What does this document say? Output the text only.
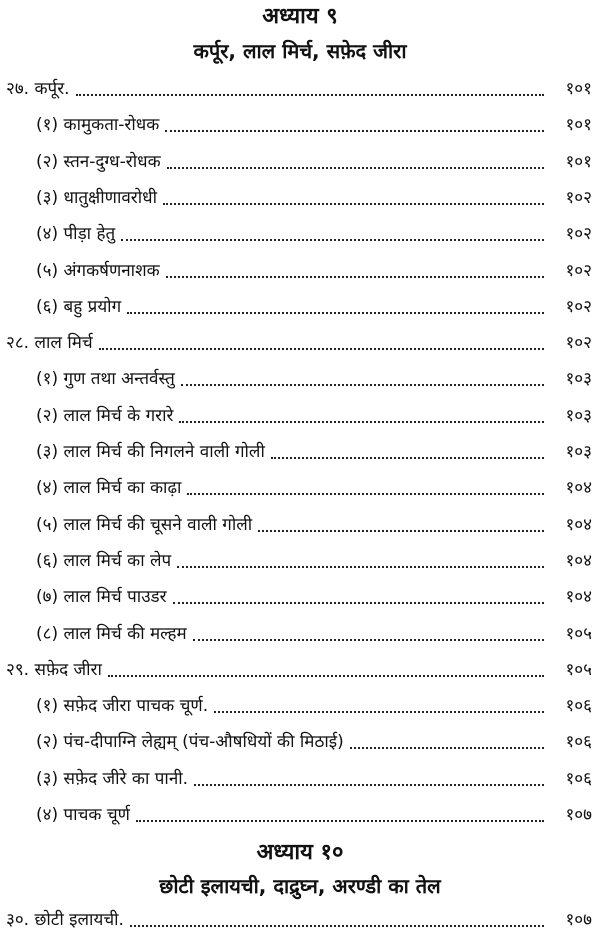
अध्याय ९
कर्पूर, लाल मिर्च, सफ़ेद जीरा
२७. कर्पूर.	१०१
(१) कामुकता-रोधक	१०१
(२) स्तन-दुग्ध-रोधक	१०१
(३) धातुक्षीणावरोधी	१०२
(४) पीड़ा हेतु	१०२
(५) अंगकर्षणनाशक	१०२
(६) बहु प्रयोग	१०२
२८. लाल मिर्च	१०२
(१) गुण तथा अन्तर्वस्तु	१०३
(२) लाल मिर्च के गरारे	१०३
(३) लाल मिर्च की निगलने वाली गोली	१०३
(४) लाल मिर्च का काढ़ा	१०४
(५) लाल मिर्च की चूसने वाली गोली	१०४
(६) लाल मिर्च का लेप	१०४
(७) लाल मिर्च पाउडर	१०४
(८) लाल मिर्च की मल्हम	१०५
२९. सफ़ेद जीरा	१०५
(१) सफ़ेद जीरा पाचक चूर्ण.	१०६
(२) पंच-दीपाग्नि लेह्यम् (पंच-औषधियों की मिठाई)	१०६
(३) सफ़ेद जीरे का पानी.	१०६
(४) पाचक चूर्ण	१०७
अध्याय १०
छोटी इलायची, दाद्रुघ्न, अरण्डी का तेल
३०. छोटी इलायची.	१०७
